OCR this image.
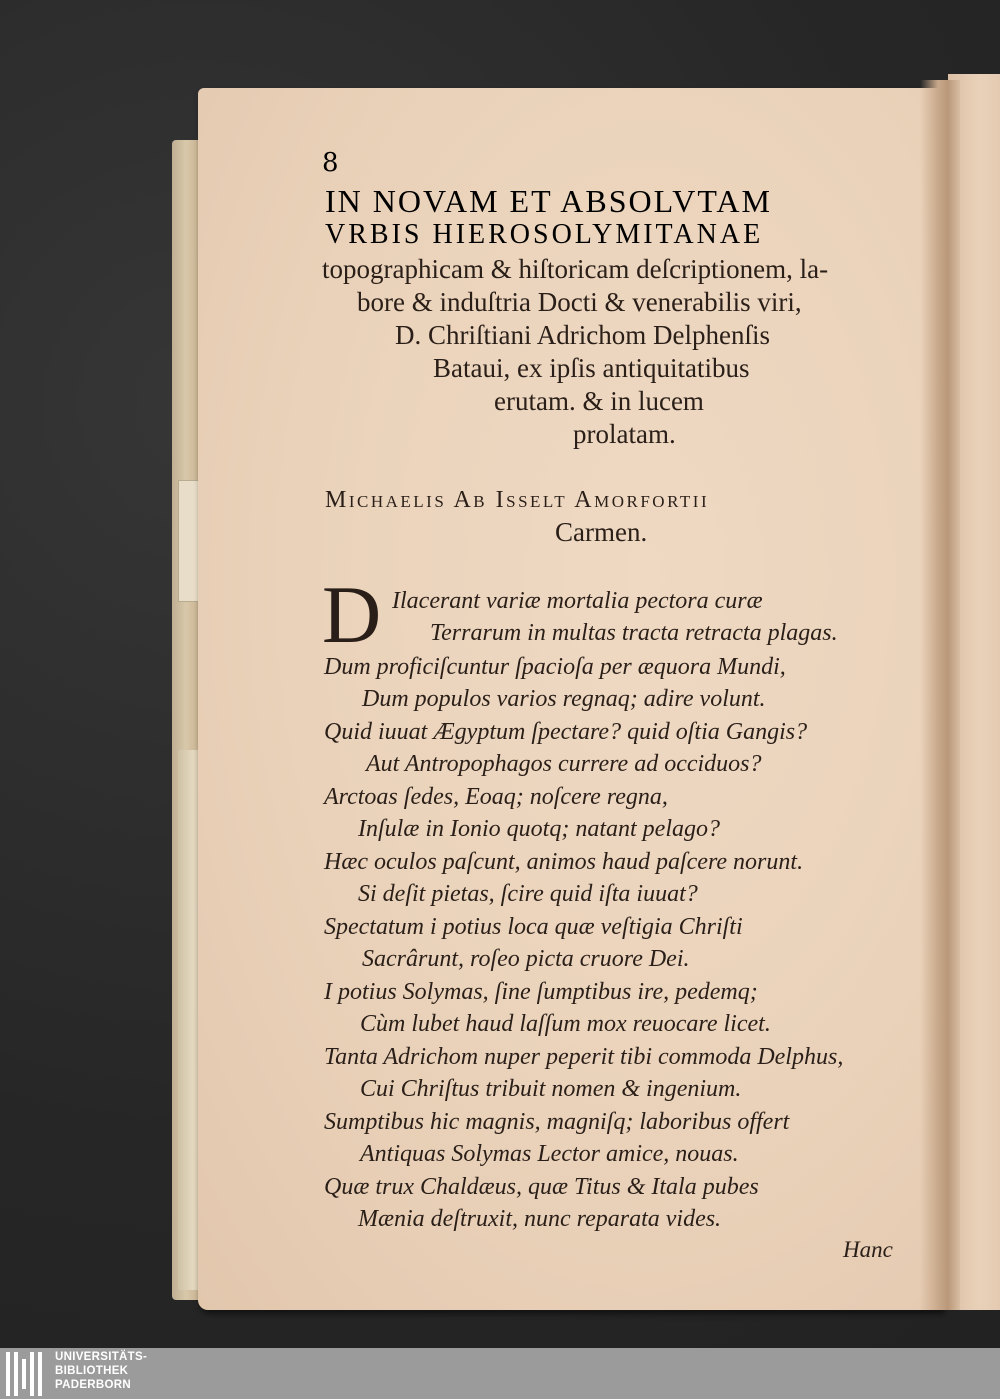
8
IN NOVAM ET ABSOLVTAM
VRBIS HIEROSOLYMITANAE
topographicam & hiſtoricam deſcriptionem, la-
bore & induſtria Docti & venerabilis viri,
D. Chriſtiani Adrichom Delphenſis
Bataui, ex ipſis antiquitatibus
erutam. & in lucem
prolatam.
Michaelis Ab Isselt Amorfortii
Carmen.
D Ilacerant variæ mortalia pectora curæ
Terrarum in multas tracta retracta plagas.
Dum proficiſcuntur ſpacioſa per æquora Mundi,
Dum populos varios regnaq; adire volunt.
Quid iuuat Ægyptum ſpectare? quid oſtia Gangis?
Aut Antropophagos currere ad occiduos?
Arctoas ſedes, Eoaq; noſcere regna,
Inſulæ in Ionio quotq; natant pelago?
Hæc oculos paſcunt, animos haud paſcere norunt.
Si deſit pietas, ſcire quid iſta iuuat?
Spectatum i potius loca quæ veſtigia Chriſti
Sacrârunt, roſeo picta cruore Dei.
I potius Solymas, ſine ſumptibus ire, pedemq;
Cùm lubet haud laſſum mox reuocare licet.
Tanta Adrichom nuper peperit tibi commoda Delphus,
Cui Chriſtus tribuit nomen & ingenium.
Sumptibus hic magnis, magniſq; laboribus offert
Antiquas Solymas Lector amice, nouas.
Quæ trux Chaldæus, quæ Titus & Itala pubes
Mænia deſtruxit, nunc reparata vides.
Hanc
UNIVERSITÄTS-
BIBLIOTHEK
PADERBORN
